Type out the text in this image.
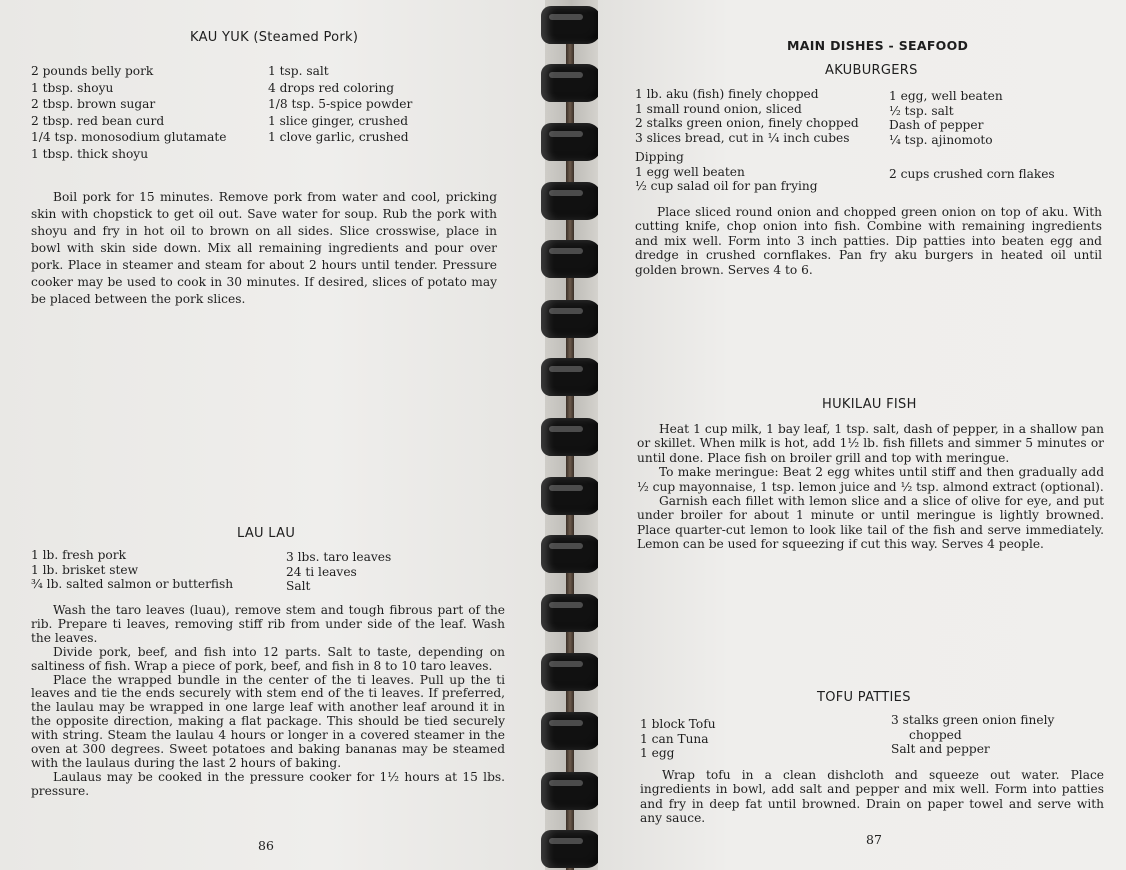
KAU YUK (Steamed Pork)
2 pounds belly pork
1 tbsp. shoyu
2 tbsp. brown sugar
2 tbsp. red bean curd
1/4 tsp. monosodium glutamate
1 tbsp. thick shoyu
1 tsp. salt
4 drops red coloring
1/8 tsp. 5-spice powder
1 slice ginger, crushed
1 clove garlic, crushed

Boil pork for 15 minutes. Remove pork from water and cool, pricking skin with chopstick to get oil out. Save water for soup. Rub the pork with shoyu and fry in hot oil to brown on all sides. Slice crosswise, place in bowl with skin side down. Mix all remaining ingredients and pour over pork. Place in steamer and steam for about 2 hours until tender. Pressure cooker may be used to cook in 30 minutes. If desired, slices of potato may be placed between the pork slices.

LAU LAU
1 lb. fresh pork
1 lb. brisket stew
¾ lb. salted salmon or butterfish
3 lbs. taro leaves
24 ti leaves
Salt

Wash the taro leaves (luau), remove stem and tough fibrous part of the rib. Prepare ti leaves, removing stiff rib from under side of the leaf. Wash the leaves.

Divide pork, beef, and fish into 12 parts. Salt to taste, depending on saltiness of fish. Wrap a piece of pork, beef, and fish in 8 to 10 taro leaves.

Place the wrapped bundle in the center of the ti leaves. Pull up the ti leaves and tie the ends securely with stem end of the ti leaves. If preferred, the laulau may be wrapped in one large leaf with another leaf around it in the opposite direction, making a flat package. This should be tied securely with string. Steam the laulau 4 hours or longer in a covered steamer in the oven at 300 degrees. Sweet potatoes and baking bananas may be steamed with the laulaus during the last 2 hours of baking.

Laulaus may be cooked in the pressure cooker for 1½ hours at 15 lbs. pressure.

86
MAIN DISHES - SEAFOOD
AKUBURGERS
1 lb. aku (fish) finely chopped
1 small round onion, sliced
2 stalks green onion, finely chopped
3 slices bread, cut in ¼ inch cubes
1 egg, well beaten
½ tsp. salt
Dash of pepper
¼ tsp. ajinomoto
Dipping
1 egg well beaten
½ cup salad oil for pan frying
2 cups crushed corn flakes

Place sliced round onion and chopped green onion on top of aku. With cutting knife, chop onion into fish. Combine with remaining ingredients and mix well. Form into 3 inch patties. Dip patties into beaten egg and dredge in crushed cornflakes. Pan fry aku burgers in heated oil until golden brown. Serves 4 to 6.

HUKILAU FISH

Heat 1 cup milk, 1 bay leaf, 1 tsp. salt, dash of pepper, in a shallow pan or skillet. When milk is hot, add 1½ lb. fish fillets and simmer 5 minutes or until done. Place fish on broiler grill and top with meringue.

To make meringue: Beat 2 egg whites until stiff and then gradually add ½ cup mayonnaise, 1 tsp. lemon juice and ½ tsp. almond extract (optional).

Garnish each fillet with lemon slice and a slice of olive for eye, and put under broiler for about 1 minute or until meringue is lightly browned. Place quarter-cut lemon to look like tail of the fish and serve immediately. Lemon can be used for squeezing if cut this way. Serves 4 people.

TOFU PATTIES
1 block Tofu
1 can Tuna
1 egg
3 stalks green onion finely
chopped
Salt and pepper

Wrap tofu in a clean dishcloth and squeeze out water. Place ingredients in bowl, add salt and pepper and mix well. Form into patties and fry in deep fat until browned. Drain on paper towel and serve with any sauce.

87
